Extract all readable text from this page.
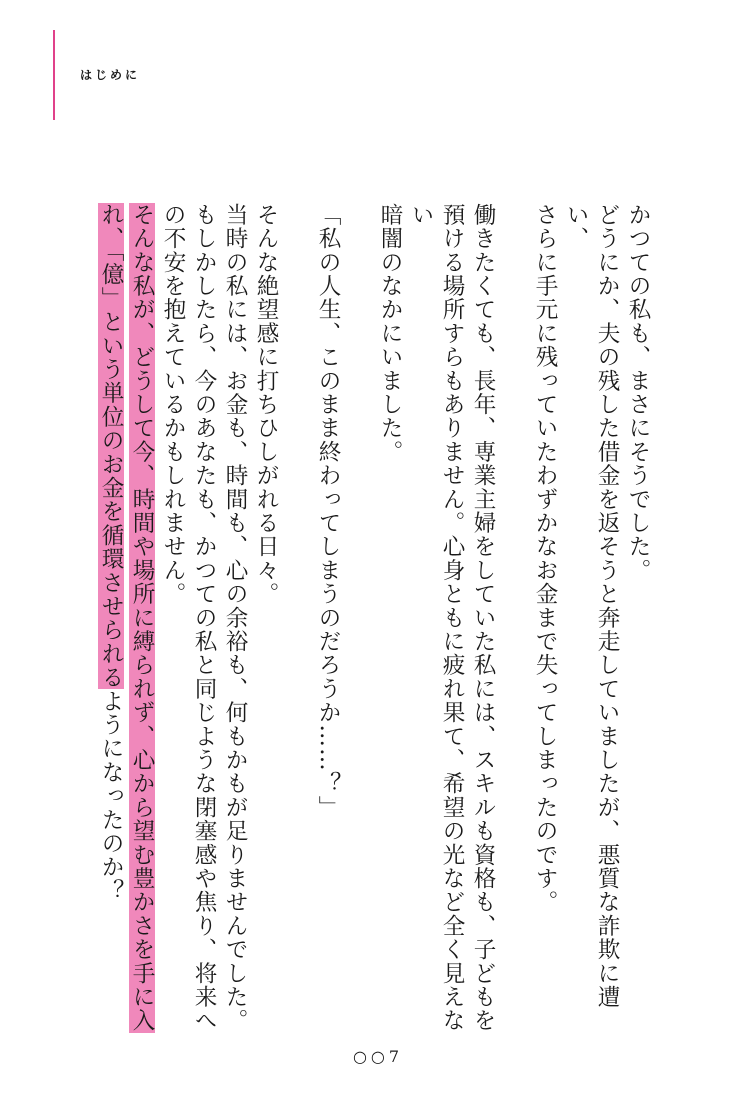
はじめに
かつての私も、まさにそうでした。
どうにか、夫の残した借金を返そうと奔走していましたが、悪質な詐欺に遭い、
さらに手元に残っていたわずかなお金まで失ってしまったのです。
働きたくても、長年、専業主婦をしていた私には、スキルも資格も、子どもを
預ける場所すらもありません。心身ともに疲れ果て、希望の光など全く見えない
暗闇のなかにいました。
「私の人生、このまま終わってしまうのだろうか……？」
そんな絶望感に打ちひしがれる日々。
当時の私には、お金も、時間も、心の余裕も、何もかもが足りませんでした。
もしかしたら、今のあなたも、かつての私と同じような閉塞感や焦り、将来へ
の不安を抱えているかもしれません。
そんな私が、どうして今、時間や場所に縛られず、心から望む豊かさを手に入
れ、「億」という単位のお金を循環させられるようになったのか？
○○7
